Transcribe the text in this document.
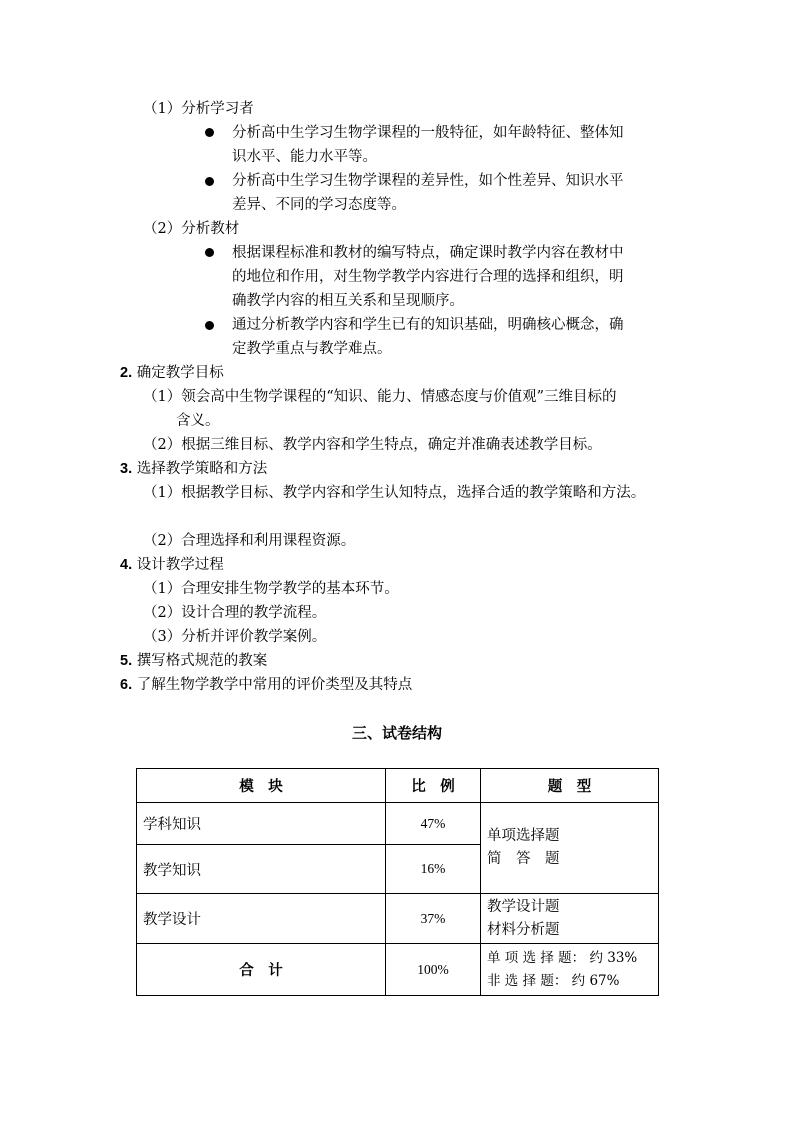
（1）分析学习者
分析高中生学习生物学课程的一般特征，如年龄特征、整体知
识水平、能力水平等。
分析高中生学习生物学课程的差异性，如个性差异、知识水平
差异、不同的学习态度等。
（2）分析教材
根据课程标准和教材的编写特点，确定课时教学内容在教材中
的地位和作用，对生物学教学内容进行合理的选择和组织，明
确教学内容的相互关系和呈现顺序。
通过分析教学内容和学生已有的知识基础，明确核心概念，确
定教学重点与教学难点。
2. 确定教学目标
（1）领会高中生物学课程的“知识、能力、情感态度与价值观”三维目标的
含义。
（2）根据三维目标、教学内容和学生特点，确定并准确表述教学目标。
3. 选择教学策略和方法
（1）根据教学目标、教学内容和学生认知特点，选择合适的教学策略和方法。
（2）合理选择和利用课程资源。
4. 设计教学过程
（1）合理安排生物学教学的基本环节。
（2）设计合理的教学流程。
（3）分析并评价教学案例。
5. 撰写格式规范的教案
6. 了解生物学教学中常用的评价类型及其特点
三、试卷结构
模　块	比　例	题　型
学科知识	47%	单项选择题
简　答　题

教学知识	16%	
教学设计	37%	教学设计题
材料分析题

合　计	100%	单 项 选 择 题： 约 33%
非 选 择 题： 约 67%
